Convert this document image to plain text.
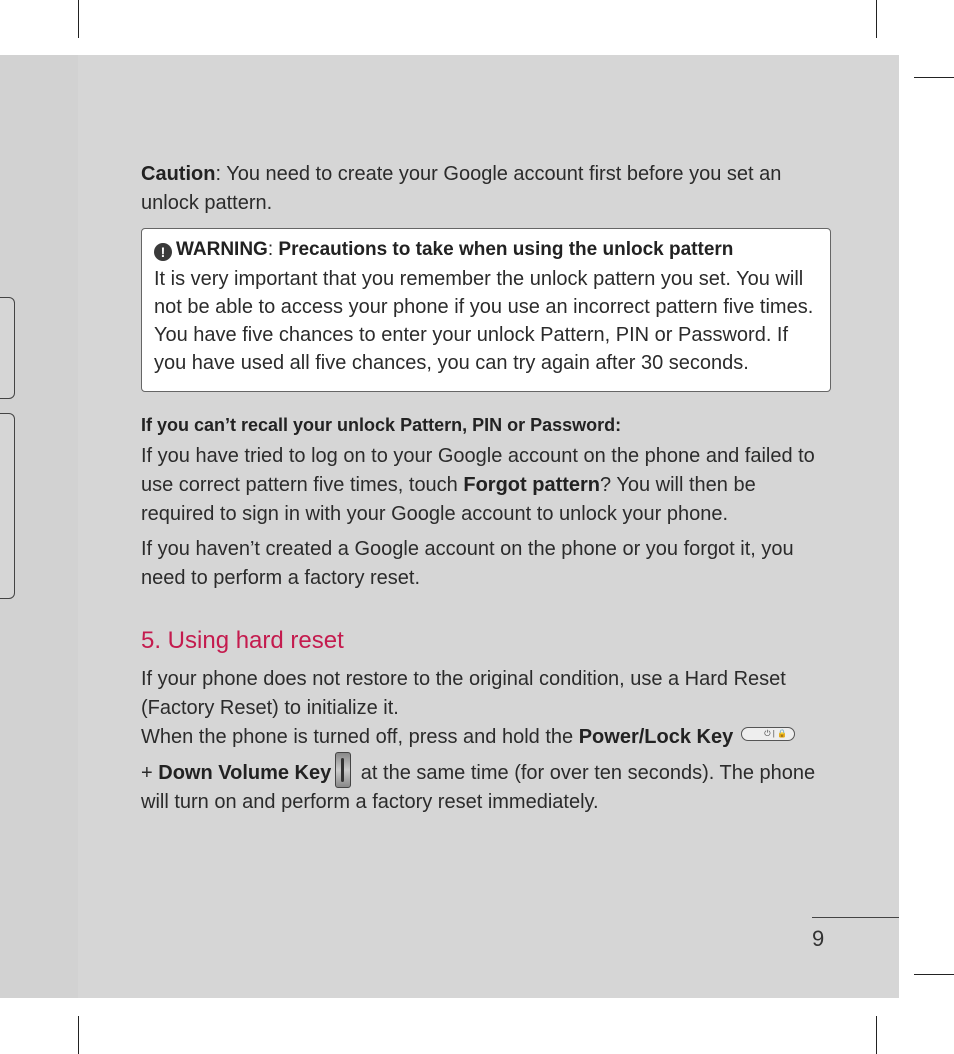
Caution: You need to create your Google account first before you set an unlock pattern.

! WARNING: Precautions to take when using the unlock pattern

It is very important that you remember the unlock pattern you set. You will not be able to access your phone if you use an incorrect pattern five times. You have five chances to enter your unlock Pattern, PIN or Password. If you have used all five chances, you can try again after 30 seconds.

If you can’t recall your unlock Pattern, PIN or Password:

If you have tried to log on to your Google account on the phone and failed to use correct pattern five times, touch Forgot pattern? You will then be required to sign in with your Google account to unlock your phone.

If you haven’t created a Google account on the phone or you forgot it, you need to perform a factory reset.

5. Using hard reset

If your phone does not restore to the original condition, use a Hard Reset (Factory Reset) to initialize it.

When the phone is turned off, press and hold the Power/Lock Key	⏻ | 🔒

+ Down Volume Key at the same time (for over ten seconds). The phone will turn on and perform a factory reset immediately.

9
